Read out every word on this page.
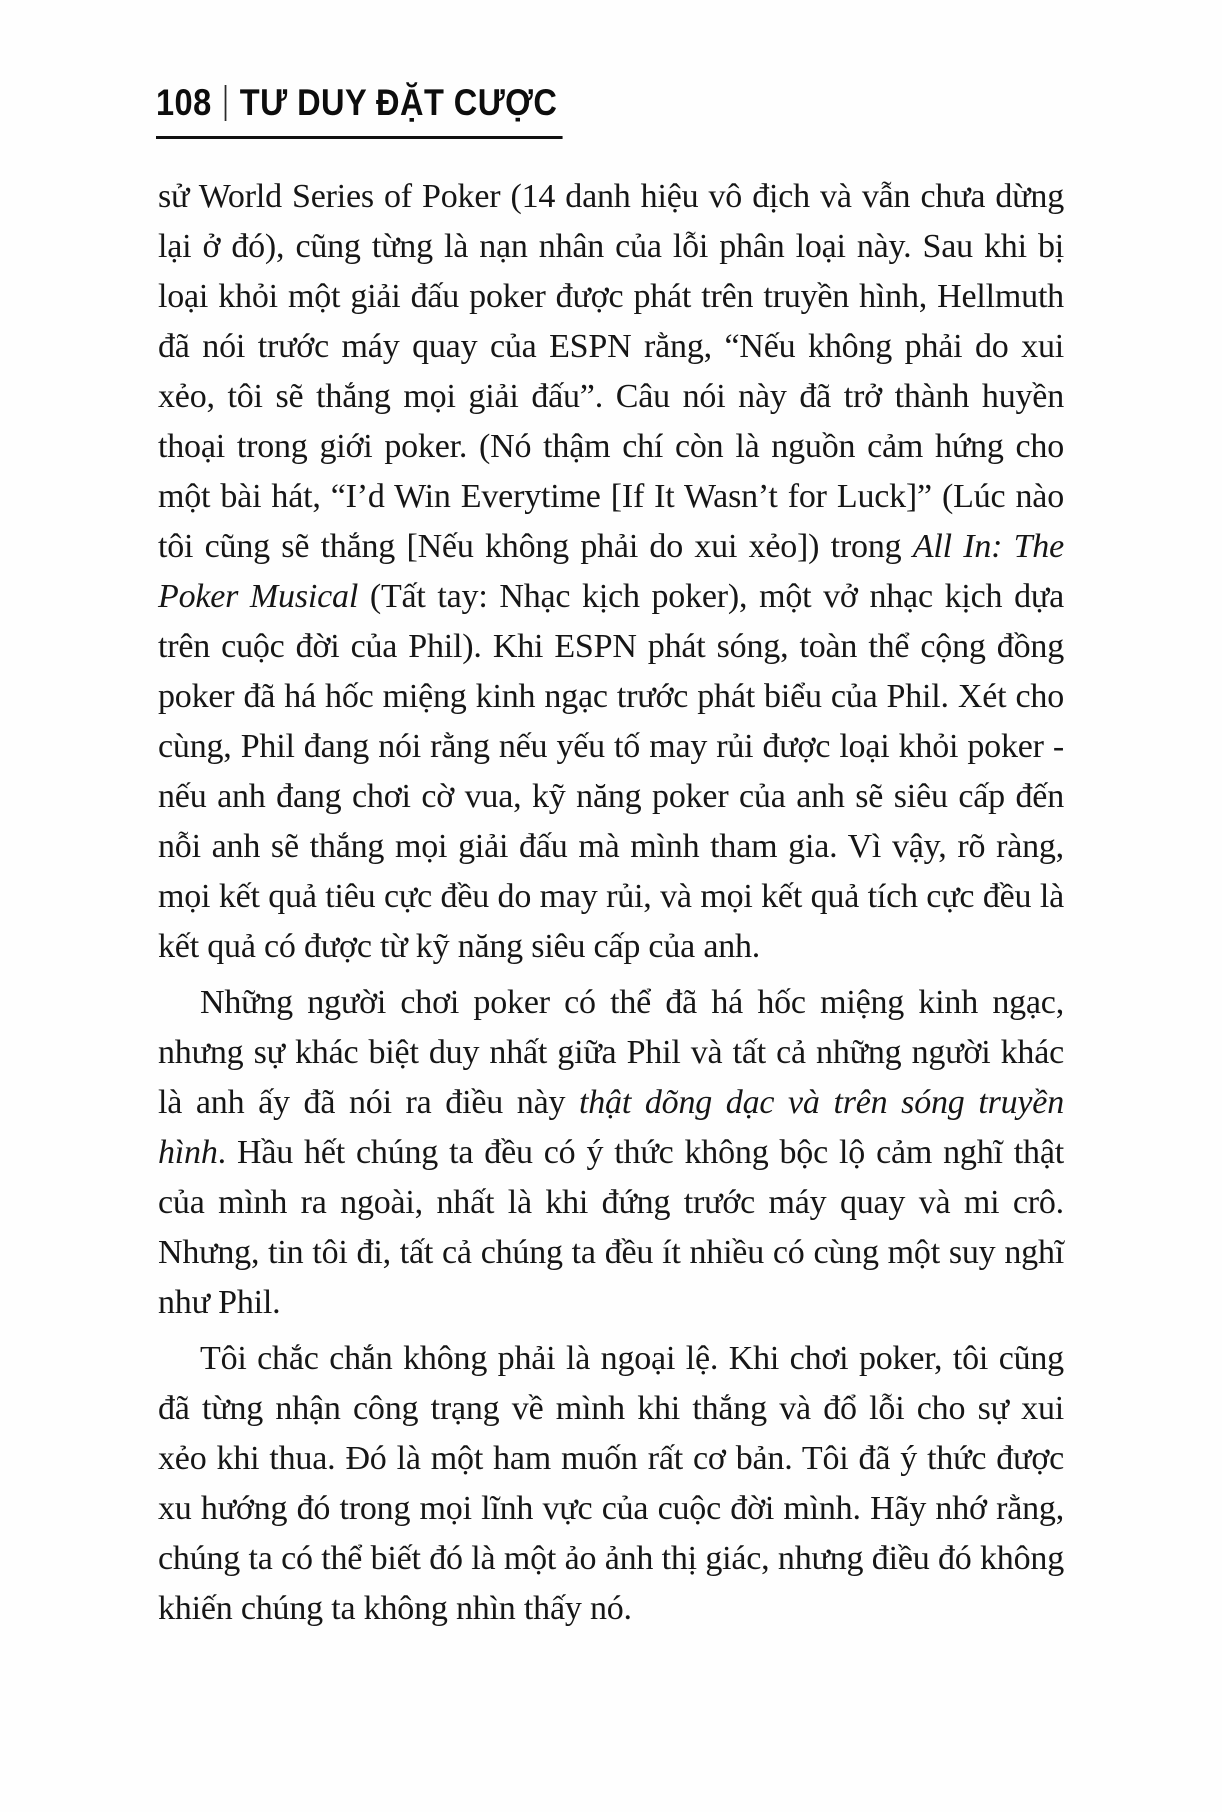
108 TƯ DUY ĐẶT CƯỢC

sử World Series of Poker (14 danh hiệu vô địch và vẫn chưa dừng lại ở đó), cũng từng là nạn nhân của lỗi phân loại này. Sau khi bị loại khỏi một giải đấu poker được phát trên truyền hình, Hellmuth đã nói trước máy quay của ESPN rằng, “Nếu không phải do xui xẻo, tôi sẽ thắng mọi giải đấu”. Câu nói này đã trở thành huyền thoại trong giới poker. (Nó thậm chí còn là nguồn cảm hứng cho một bài hát, “I’d Win Everytime [If It Wasn’t for Luck]” (Lúc nào tôi cũng sẽ thắng [Nếu không phải do xui xẻo]) trong All In: The Poker Musical (Tất tay: Nhạc kịch poker), một vở nhạc kịch dựa trên cuộc đời của Phil). Khi ESPN phát sóng, toàn thể cộng đồng poker đã há hốc miệng kinh ngạc trước phát biểu của Phil. Xét cho cùng, Phil đang nói rằng nếu yếu tố may rủi được loại khỏi poker - nếu anh đang chơi cờ vua, kỹ năng poker của anh sẽ siêu cấp đến nỗi anh sẽ thắng mọi giải đấu mà mình tham gia. Vì vậy, rõ ràng, mọi kết quả tiêu cực đều do may rủi, và mọi kết quả tích cực đều là kết quả có được từ kỹ năng siêu cấp của anh.

Những người chơi poker có thể đã há hốc miệng kinh ngạc, nhưng sự khác biệt duy nhất giữa Phil và tất cả những người khác là anh ấy đã nói ra điều này thật dõng dạc và trên sóng truyền hình. Hầu hết chúng ta đều có ý thức không bộc lộ cảm nghĩ thật của mình ra ngoài, nhất là khi đứng trước máy quay và mi crô. Nhưng, tin tôi đi, tất cả chúng ta đều ít nhiều có cùng một suy nghĩ như Phil.

Tôi chắc chắn không phải là ngoại lệ. Khi chơi poker, tôi cũng đã từng nhận công trạng về mình khi thắng và đổ lỗi cho sự xui xẻo khi thua. Đó là một ham muốn rất cơ bản. Tôi đã ý thức được xu hướng đó trong mọi lĩnh vực của cuộc đời mình. Hãy nhớ rằng, chúng ta có thể biết đó là một ảo ảnh thị giác, nhưng điều đó không khiến chúng ta không nhìn thấy nó.
